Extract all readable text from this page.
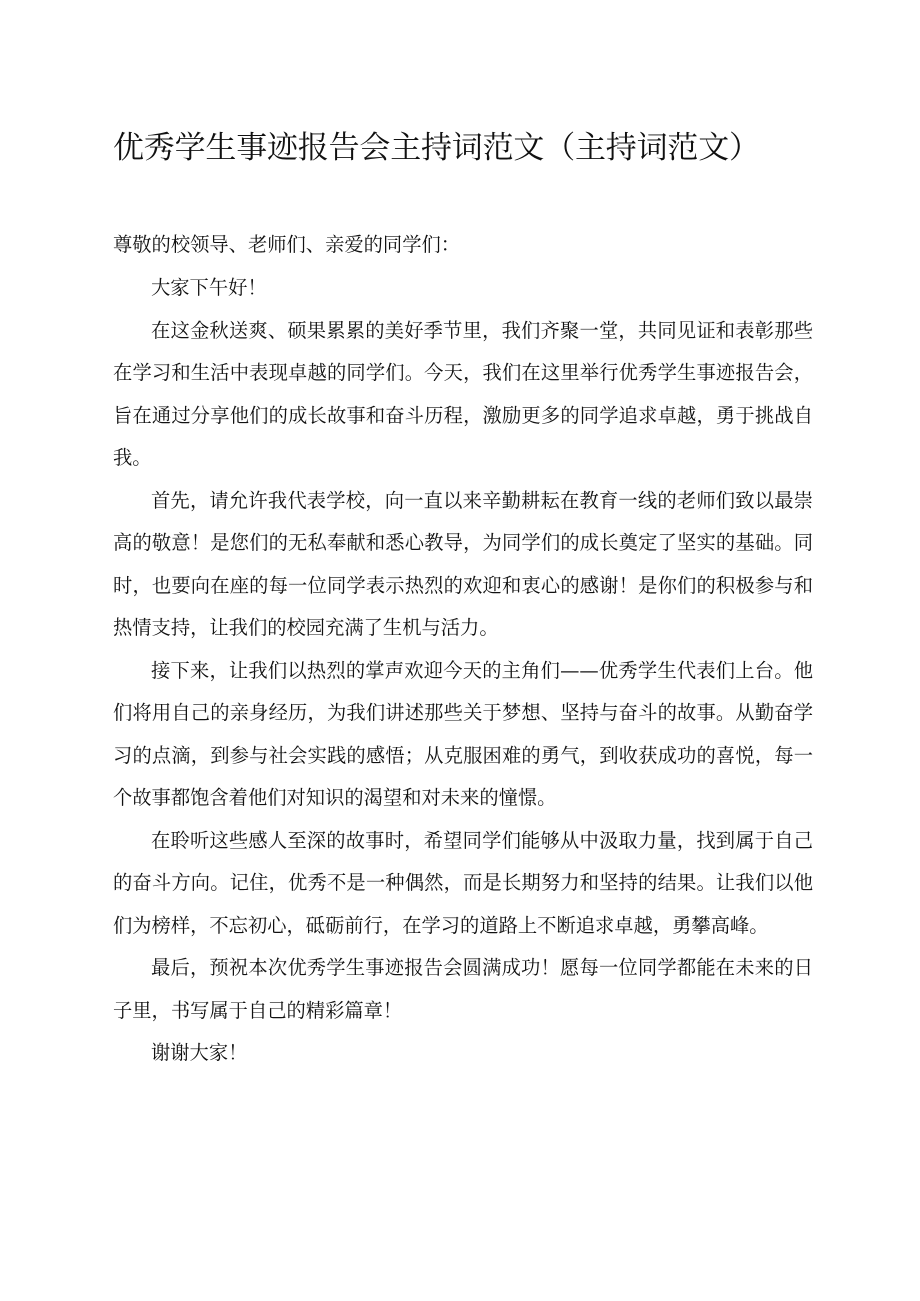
优秀学生事迹报告会主持词范文（主持词范文）

尊敬的校领导、老师们、亲爱的同学们：

大家下午好！

在这金秋送爽、硕果累累的美好季节里，我们齐聚一堂，共同见证和表彰那些在学习和生活中表现卓越的同学们。今天，我们在这里举行优秀学生事迹报告会，旨在通过分享他们的成长故事和奋斗历程，激励更多的同学追求卓越，勇于挑战自我。

首先，请允许我代表学校，向一直以来辛勤耕耘在教育一线的老师们致以最崇高的敬意！是您们的无私奉献和悉心教导，为同学们的成长奠定了坚实的基础。同时，也要向在座的每一位同学表示热烈的欢迎和衷心的感谢！是你们的积极参与和热情支持，让我们的校园充满了生机与活力。

接下来，让我们以热烈的掌声欢迎今天的主角们——优秀学生代表们上台。他们将用自己的亲身经历，为我们讲述那些关于梦想、坚持与奋斗的故事。从勤奋学习的点滴，到参与社会实践的感悟；从克服困难的勇气，到收获成功的喜悦，每一个故事都饱含着他们对知识的渴望和对未来的憧憬。

在聆听这些感人至深的故事时，希望同学们能够从中汲取力量，找到属于自己的奋斗方向。记住，优秀不是一种偶然，而是长期努力和坚持的结果。让我们以他们为榜样，不忘初心，砥砺前行，在学习的道路上不断追求卓越，勇攀高峰。

最后，预祝本次优秀学生事迹报告会圆满成功！愿每一位同学都能在未来的日子里，书写属于自己的精彩篇章！

谢谢大家！
